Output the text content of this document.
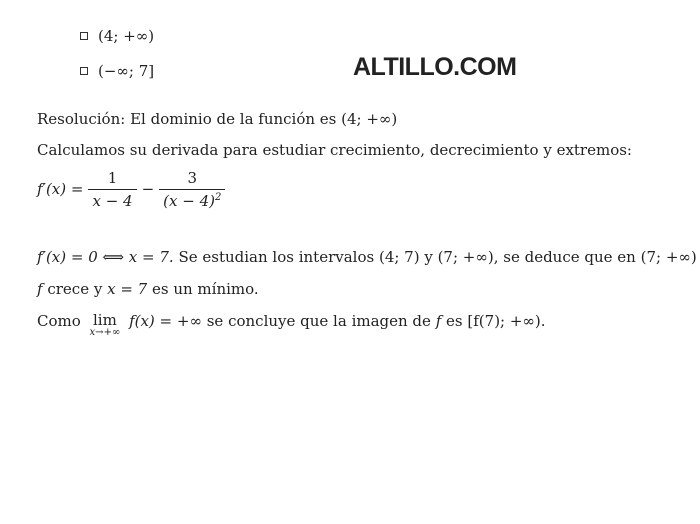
(4; +∞)
(−∞; 7]	ALTILLO.COM
Resolución: El dominio de la función es (4; +∞)
Calculamos su derivada para estudiar crecimiento, decrecimiento y extremos:
$f'(x) = \frac{1}{x - 4} - \frac{3}{(x - 4)^2}$
f′(x) = 0 ⟺ x = 7. Se estudian los intervalos (4; 7) y (7; +∞), se deduce que en (7; +∞)
f crece y x = 7 es un mínimo.
Como lim
x→+∞
f(x) = +∞ se concluye que la imagen de f es [f(7); +∞).
